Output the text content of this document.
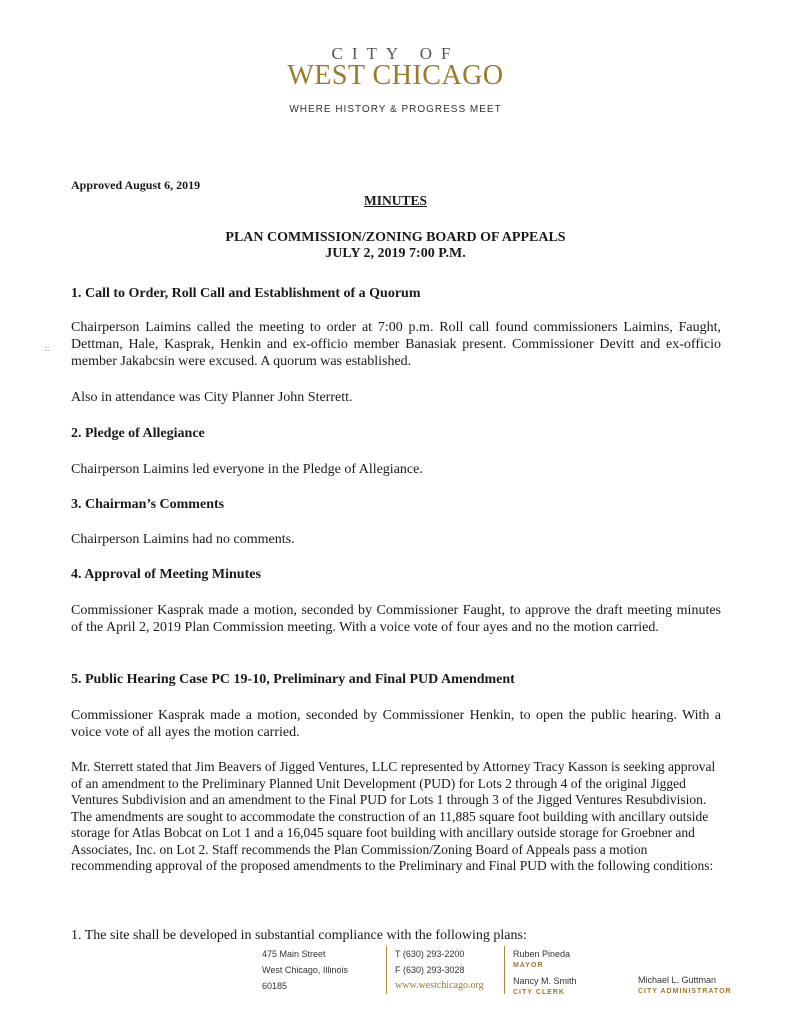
CITY OF
WEST CHICAGO
WHERE HISTORY & PROGRESS MEET
Approved August 6, 2019
MINUTES
PLAN COMMISSION/ZONING BOARD OF APPEALS
JULY 2, 2019 7:00 P.M.
::
1. Call to Order, Roll Call and Establishment of a Quorum
Chairperson Laimins called the meeting to order at 7:00 p.m. Roll call found commissioners Laimins, Faught, Dettman, Hale, Kasprak, Henkin and ex-officio member Banasiak present. Commissioner Devitt and ex-officio member Jakabcsin were excused. A quorum was established.
Also in attendance was City Planner John Sterrett.
2. Pledge of Allegiance
Chairperson Laimins led everyone in the Pledge of Allegiance.
3. Chairman’s Comments
Chairperson Laimins had no comments.
4. Approval of Meeting Minutes
Commissioner Kasprak made a motion, seconded by Commissioner Faught, to approve the draft meeting minutes of the April 2, 2019 Plan Commission meeting. With a voice vote of four ayes and no the motion carried.
5. Public Hearing Case PC 19-10, Preliminary and Final PUD Amendment
Commissioner Kasprak made a motion, seconded by Commissioner Henkin, to open the public hearing. With a voice vote of all ayes the motion carried.
Mr. Sterrett stated that Jim Beavers of Jigged Ventures, LLC represented by Attorney Tracy Kasson is seeking approval of an amendment to the Preliminary Planned Unit Development (PUD) for Lots 2 through 4 of the original Jigged Ventures Subdivision and an amendment to the Final PUD for Lots 1 through 3 of the Jigged Ventures Resubdivision. The amendments are sought to accommodate the construction of an 11,885 square foot building with ancillary outside storage for Atlas Bobcat on Lot 1 and a 16,045 square foot building with ancillary outside storage for Groebner and Associates, Inc. on Lot 2. Staff recommends the Plan Commission/Zoning Board of Appeals pass a motion recommending approval of the proposed amendments to the Preliminary and Final PUD with the following conditions:
1. The site shall be developed in substantial compliance with the following plans:
475 Main Street
West Chicago, Illinois
60185
T (630) 293-2200
F (630) 293-3028
www.westchicago.org
Ruben Pineda
MAYOR
Nancy M. Smith
CITY CLERK
Michael L. Guttman
CITY ADMINISTRATOR
